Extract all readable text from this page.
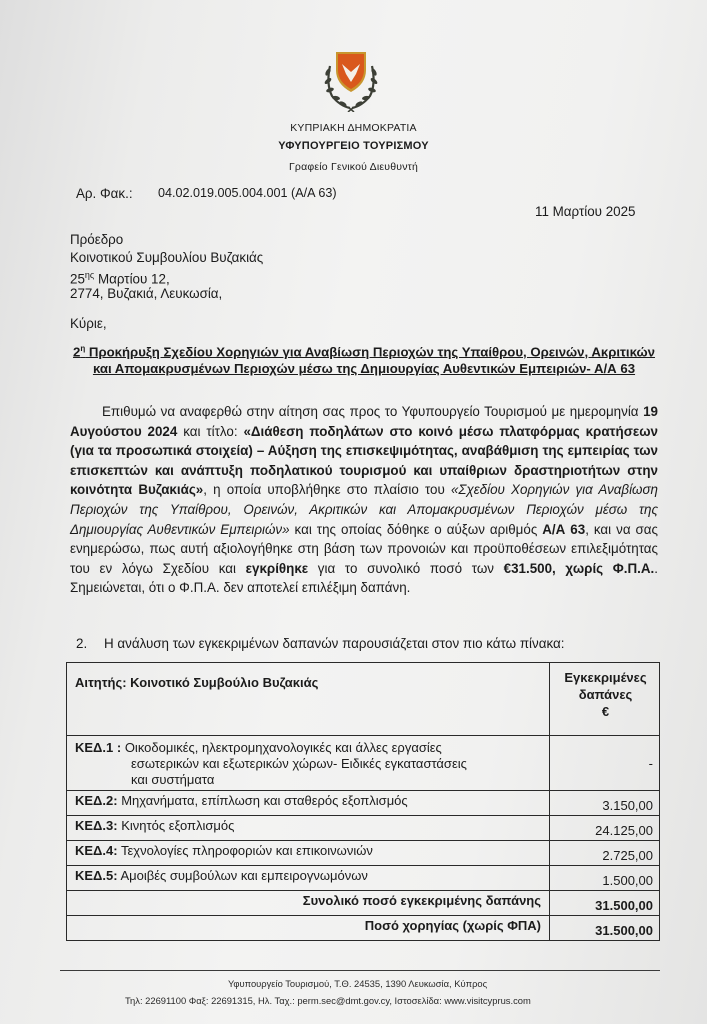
ΚΥΠΡΙΑΚΗ ΔΗΜΟΚΡΑΤΙΑ
ΥΦΥΠΟΥΡΓΕΙΟ ΤΟΥΡΙΣΜΟΥ
Γραφείο Γενικού Διευθυντή
Αρ. Φακ.: 04.02.019.005.004.001 (Α/Α 63)
11 Μαρτίου 2025
Πρόεδρο
Κοινοτικού Συμβουλίου Βυζακιάς
$25^{\eta\varsigma}$ Μαρτίου 12,
2774, Βυζακιά, Λευκωσία,
Κύριε,
$2^\eta$ Προκήρυξη Σχεδίου Χορηγιών για Αναβίωση Περιοχών της Υπαίθρου, Ορεινών, Ακριτικών και Απομακρυσμένων Περιοχών μέσω της Δημιουργίας Αυθεντικών Εμπειριών- Α/Α 63
Επιθυμώ να αναφερθώ στην αίτηση σας προς το Υφυπουργείο Τουρισμού με ημερομηνία 19 Αυγούστου 2024 και τίτλο: «Διάθεση ποδηλάτων στο κοινό μέσω πλατφόρμας κρατήσεων (για τα προσωπικά στοιχεία) – Αύξηση της επισκεψιμότητας, αναβάθμιση της εμπειρίας των επισκεπτών και ανάπτυξη ποδηλατικού τουρισμού και υπαίθριων δραστηριοτήτων στην κοινότητα Βυζακιάς», η οποία υποβλήθηκε στο πλαίσιο του «Σχεδίου Χορηγιών για Αναβίωση Περιοχών της Υπαίθρου, Ορεινών, Ακριτικών και Απομακρυσμένων Περιοχών μέσω της Δημιουργίας Αυθεντικών Εμπειριών» και της οποίας δόθηκε ο αύξων αριθμός Α/Α 63, και να σας ενημερώσω, πως αυτή αξιολογήθηκε στη βάση των προνοιών και προϋποθέσεων επιλεξιμότητας του εν λόγω Σχεδίου και εγκρίθηκε για το συνολικό ποσό των €31.500, χωρίς Φ.Π.Α.. Σημειώνεται, ότι ο Φ.Π.Α. δεν αποτελεί επιλέξιμη δαπάνη.
2. Η ανάλυση των εγκεκριμένων δαπανών παρουσιάζεται στον πιο κάτω πίνακα:
Αιτητής: Κοινοτικό Συμβούλιο Βυζακιάς	Εγκεκριμένες
δαπάνες
€
ΚΕΔ.1 : Οικοδομικές, ηλεκτρομηχανολογικές και άλλες εργασίες
εσωτερικών και εξωτερικών χώρων- Ειδικές εγκαταστάσεις
και συστήματα	-
ΚΕΔ.2: Μηχανήματα, επίπλωση και σταθερός εξοπλισμός	3.150,00
ΚΕΔ.3: Κινητός εξοπλισμός	24.125,00
ΚΕΔ.4: Τεχνολογίες πληροφοριών και επικοινωνιών	2.725,00
ΚΕΔ.5: Αμοιβές συμβούλων και εμπειρογνωμόνων	1.500,00
Συνολικό ποσό εγκεκριμένης δαπάνης	31.500,00
Ποσό χορηγίας (χωρίς ΦΠΑ)	31.500,00
Υφυπουργείο Τουρισμού, Τ.Θ. 24535, 1390 Λευκωσία, Κύπρος
Τηλ: 22691100 Φαξ: 22691315, Ηλ. Ταχ.: perm.sec@dmt.gov.cy, Ιστοσελίδα: www.visitcyprus.com
